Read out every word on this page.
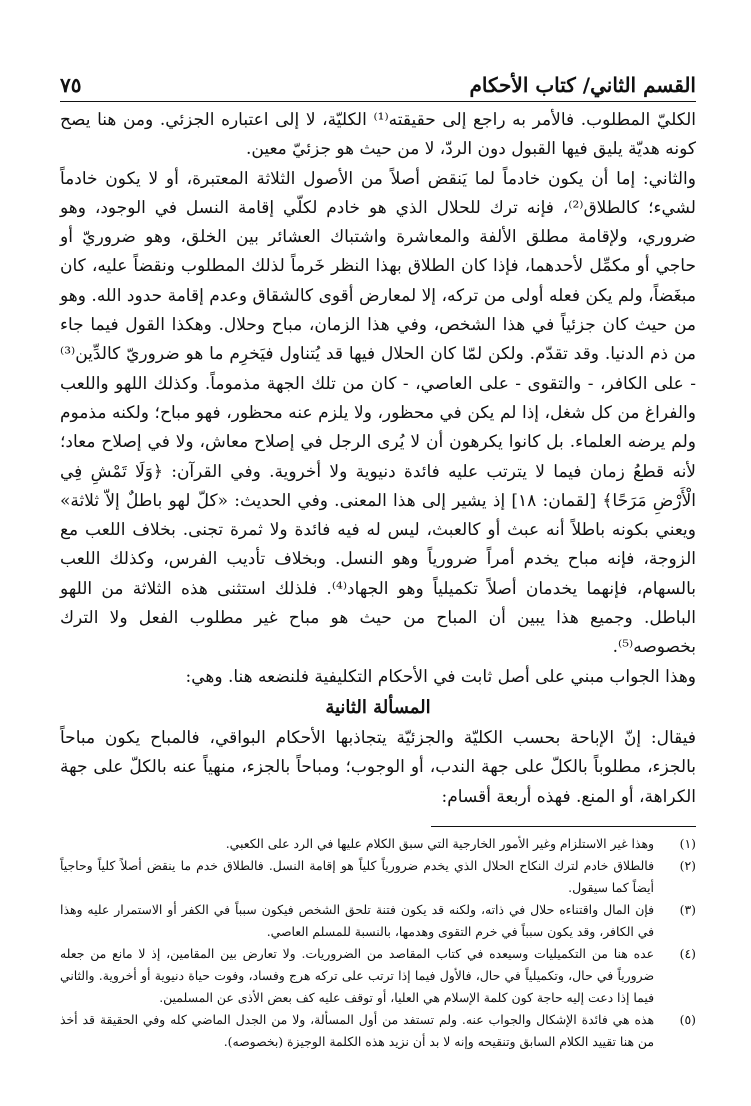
القسم الثاني/ كتاب الأحكام
٧٥

الكليّ المطلوب. فالأمر به راجع إلى حقيقته⁽¹⁾ الكليّة، لا إلى اعتباره الجزئي. ومن هنا يصح كونه هديّة يليق فيها القبول دون الردّ، لا من حيث هو جزئيّ معين.

والثاني: إما أن يكون خادماً لما يَنقض أصلاً من الأصول الثلاثة المعتبرة، أو لا يكون خادماً لشيء؛ كالطلاق⁽²⁾، فإنه ترك للحلال الذي هو خادم لكلّي إقامة النسل في الوجود، وهو ضروري، ولإقامة مطلق الألفة والمعاشرة واشتباك العشائر بين الخلق، وهو ضروريّ أو حاجي أو مكمِّل لأحدهما، فإذا كان الطلاق بهذا النظر خَرماً لذلك المطلوب ونقضاً عليه، كان مبغَضاً، ولم يكن فعله أولى من تركه، إلا لمعارض أقوى كالشقاق وعدم إقامة حدود الله. وهو من حيث كان جزئياً في هذا الشخص، وفي هذا الزمان، مباح وحلال. وهكذا القول فيما جاء من ذم الدنيا. وقد تقدّم. ولكن لمّا كان الحلال فيها قد يُتناول فيَخرِم ما هو ضروريّ كالدِّين⁽³⁾ - على الكافر، - والتقوى - على العاصي، - كان من تلك الجهة مذموماً. وكذلك اللهو واللعب والفراغ من كل شغل، إذا لم يكن في محظور، ولا يلزم عنه محظور، فهو مباح؛ ولكنه مذموم ولم يرضه العلماء. بل كانوا يكرهون أن لا يُرى الرجل في إصلاح معاش، ولا في إصلاح معاد؛ لأنه قطعُ زمان فيما لا يترتب عليه فائدة دنيوية ولا أخروية. وفي القرآن: ﴿وَلَا تَمْشِ فِي الْأَرْضِ مَرَحًا﴾ [لقمان: ١٨] إذ يشير إلى هذا المعنى. وفي الحديث: «كلّ لهو باطلٌ إلاّ ثلاثة» ويعني بكونه باطلاً أنه عبث أو كالعبث، ليس له فيه فائدة ولا ثمرة تجنى. بخلاف اللعب مع الزوجة، فإنه مباح يخدم أمراً ضرورياً وهو النسل. وبخلاف تأديب الفرس، وكذلك اللعب بالسهام، فإنهما يخدمان أصلاً تكميلياً وهو الجهاد⁽⁴⁾. فلذلك استثنى هذه الثلاثة من اللهو الباطل. وجميع هذا يبين أن المباح من حيث هو مباح غير مطلوب الفعل ولا الترك بخصوصه⁽⁵⁾.

وهذا الجواب مبني على أصل ثابت في الأحكام التكليفية فلنضعه هنا. وهي:

المسألة الثانية

فيقال: إنّ الإباحة بحسب الكليّة والجزئيّة يتجاذبها الأحكام البواقي، فالمباح يكون مباحاً بالجزء، مطلوباً بالكلّ على جهة الندب، أو الوجوب؛ ومباحاً بالجزء، منهياً عنه بالكلّ على جهة الكراهة، أو المنع. فهذه أربعة أقسام:

(١)
وهذا غير الاستلزام وغير الأمور الخارجية التي سبق الكلام عليها في الرد على الكعبي.
(٢)
فالطلاق خادم لترك النكاح الحلال الذي يخدم ضرورياً كلياً هو إقامة النسل. فالطلاق خدم ما ينقض أصلاً كلياً وحاجياً أيضاً كما سيقول.
(٣)
فإن المال واقتناءه حلال في ذاته، ولكنه قد يكون فتنة تلحق الشخص فيكون سبباً في الكفر أو الاستمرار عليه وهذا في الكافر، وقد يكون سبباً في خرم التقوى وهدمها، بالنسبة للمسلم العاصي.
(٤)
عده هنا من التكميليات وسيعده في كتاب المقاصد من الضروريات. ولا تعارض بين المقامين، إذ لا مانع من جعله ضرورياً في حال، وتكميلياً في حال، فالأول فيما إذا ترتب على تركه هرج وفساد، وفوت حياة دنيوية أو أخروية. والثاني فيما إذا دعت إليه حاجة كون كلمة الإسلام هي العليا، أو توقف عليه كف بعض الأذى عن المسلمين.
(٥)
هذه هي فائدة الإشكال والجواب عنه. ولم تستفد من أول المسألة، ولا من الجدل الماضي كله وفي الحقيقة قد أخذ من هنا تقييد الكلام السابق وتنقيحه وإنه لا بد أن نزيد هذه الكلمة الوجيزة (بخصوصه).
